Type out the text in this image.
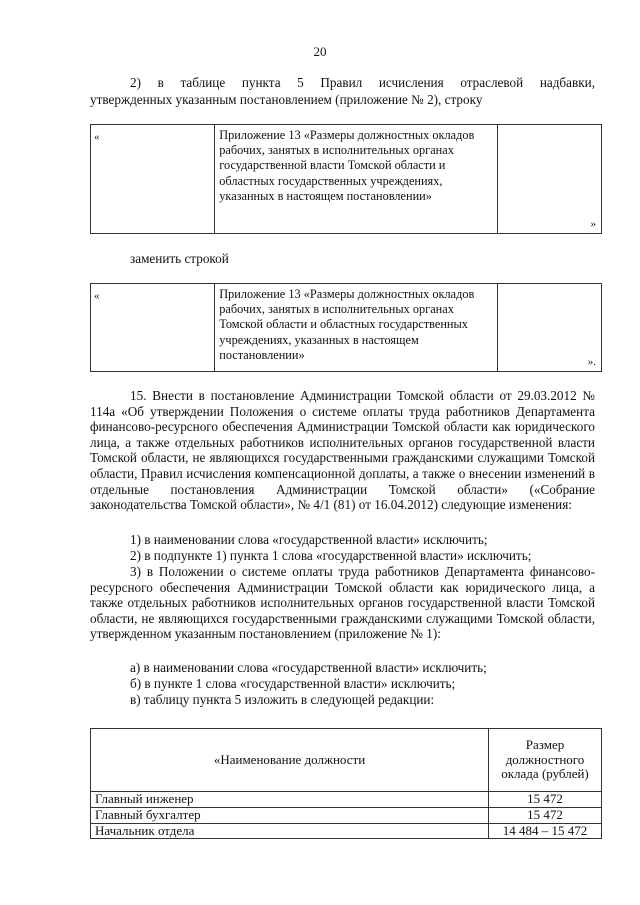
20

2) в таблице пункта 5 Правил исчисления отраслевой надбавки,

утвержденных указанным постановлением (приложение № 2), строку

«	Приложение 13 «Размеры должностных окладов рабочих, занятых в исполнительных органах государственной власти Томской области и областных государственных учреждениях, указанных в настоящем постановлении»	
»

заменить строкой

«	Приложение 13 «Размеры должностных окладов рабочих, занятых в исполнительных органах Томской области и областных государственных учреждениях, указанных в настоящем постановлении»	
».

15. Внести в постановление Администрации Томской области от 29.03.2012 № 114а «Об утверждении Положения о системе оплаты труда работников Департамента финансово-ресурсного обеспечения Администрации Томской области как юридического лица, а также отдельных работников исполнительных органов государственной власти Томской области, не являющихся государственными гражданскими служащими Томской области, Правил исчисления компенсационной доплаты, а также о внесении изменений в отдельные постановления Администрации Томской области» («Собрание законодательства Томской области», № 4/1 (81) от 16.04.2012) следующие изменения:

1) в наименовании слова «государственной власти» исключить;

2) в подпункте 1) пункта 1 слова «государственной власти» исключить;

3) в Положении о системе оплаты труда работников Департамента финансово-ресурсного обеспечения Администрации Томской области как юридического лица, а также отдельных работников исполнительных органов государственной власти Томской области, не являющихся государственными гражданскими служащими Томской области, утвержденном указанным постановлением (приложение № 1):

а) в наименовании слова «государственной власти» исключить;

б) в пункте 1 слова «государственной власти» исключить;

в) таблицу пункта 5 изложить в следующей редакции:

«Наименование должности	Размер должностного оклада (рублей)
Главный инженер	15 472
Главный бухгалтер	15 472
Начальник отдела	14 484 – 15 472
